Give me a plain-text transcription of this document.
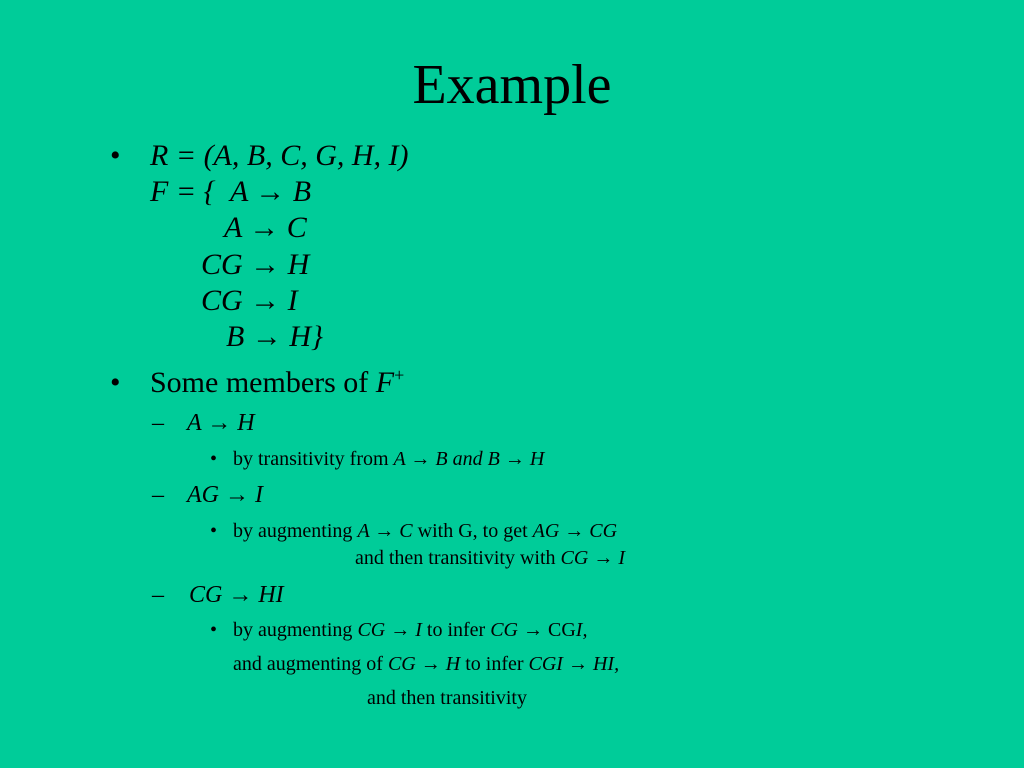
Example
• R = (A, B, C, G, H, I)
F = {  A → B
A → C
CG → H
CG → I
B → H}
• Some members of F+
– A → H
• by transitivity from A → B and B → H
– AG → I
• by augmenting A → C with G, to get AG → CG
and then transitivity with CG → I
– CG → HI
• by augmenting CG → I to infer CG → CGI,
and augmenting of CG → H to infer CGI → HI,
and then transitivity
